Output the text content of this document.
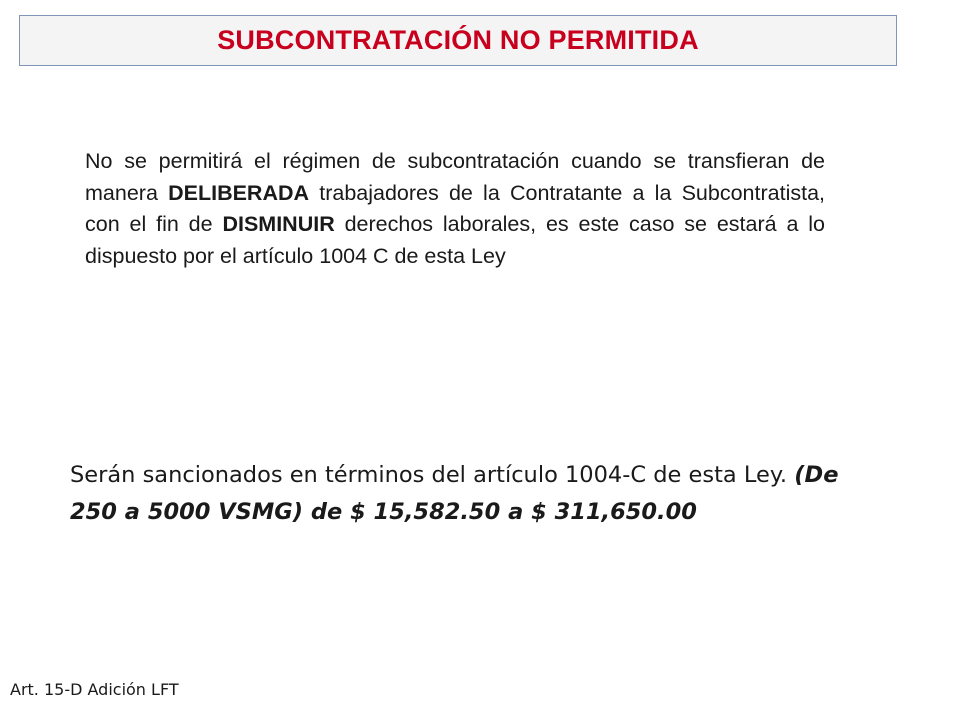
SUBCONTRATACIÓN NO PERMITIDA
No se permitirá el régimen de subcontratación cuando se transfieran de manera DELIBERADA trabajadores de la Contratante a la Subcontratista, con el fin de DISMINUIR derechos laborales, es este caso se estará a lo dispuesto por el artículo 1004 C de esta Ley
Serán sancionados en términos del artículo 1004-C de esta Ley. (De 250 a 5000 VSMG) de $ 15,582.50 a $ 311,650.00
Art. 15-D Adición LFT
